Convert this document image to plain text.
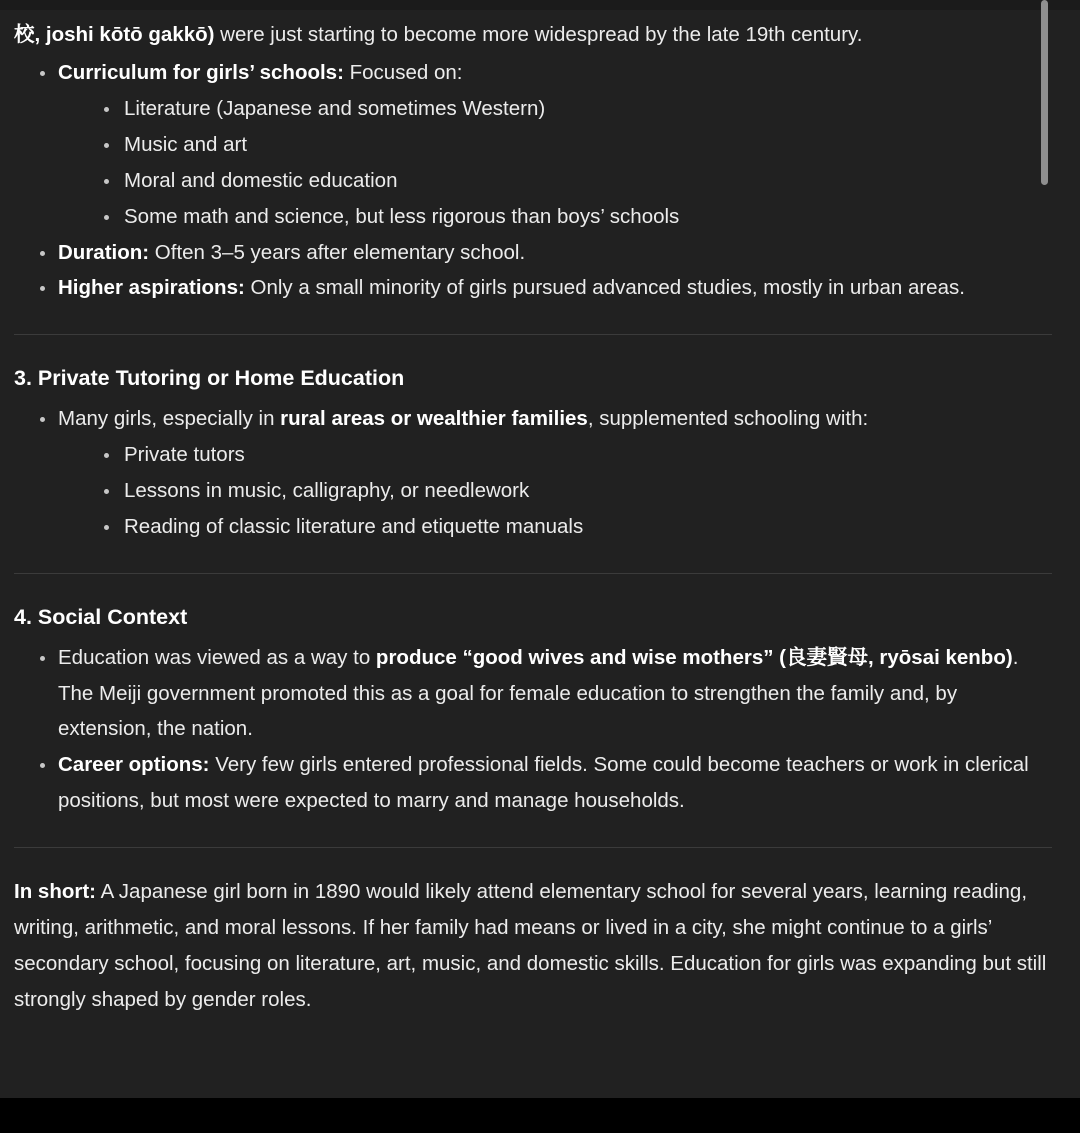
校, joshi kōtō gakkō) were just starting to become more widespread by the late 19th century.

Curriculum for girls’ schools: Focused on:
Literature (Japanese and sometimes Western)
Music and art
Moral and domestic education
Some math and science, but less rigorous than boys’ schools
Duration: Often 3–5 years after elementary school.
Higher aspirations: Only a small minority of girls pursued advanced studies, mostly in urban areas.
3. Private Tutoring or Home Education
Many girls, especially in rural areas or wealthier families, supplemented schooling with:
Private tutors
Lessons in music, calligraphy, or needlework
Reading of classic literature and etiquette manuals
4. Social Context
Education was viewed as a way to produce “good wives and wise mothers” (良妻賢母, ryōsai kenbo). The Meiji government promoted this as a goal for female education to strengthen the family and, by extension, the nation.
Career options: Very few girls entered professional fields. Some could become teachers or work in clerical positions, but most were expected to marry and manage households.

In short: A Japanese girl born in 1890 would likely attend elementary school for several years, learning reading, writing, arithmetic, and moral lessons. If her family had means or lived in a city, she might continue to a girls’ secondary school, focusing on literature, art, music, and domestic skills. Education for girls was expanding but still strongly shaped by gender roles.
